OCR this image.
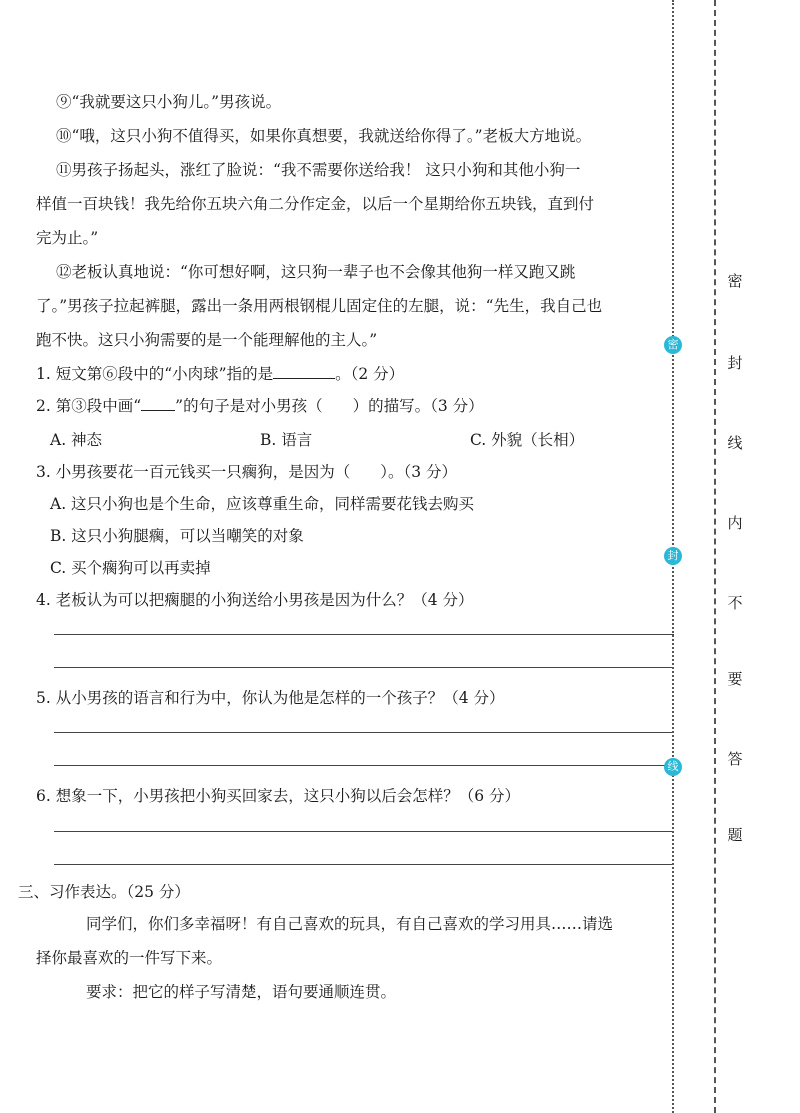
⑨“我就要这只小狗儿。”男孩说。
⑩“哦，这只小狗不值得买，如果你真想要，我就送给你得了。”老板大方地说。
⑪男孩子扬起头，涨红了脸说：“我不需要你送给我！ 这只小狗和其他小狗一
样值一百块钱！我先给你五块六角二分作定金，以后一个星期给你五块钱，直到付
完为止。”
⑫老板认真地说：“你可想好啊，这只狗一辈子也不会像其他狗一样又跑又跳
了。”男孩子拉起裤腿，露出一条用两根钢棍儿固定住的左腿，说：“先生，我自己也
跑不快。这只小狗需要的是一个能理解他的主人。”
1. 短文第⑥段中的“小肉球”指的是	。（2 分）
2. 第③段中画“ ”的句子是对小男孩（ ）的描写。（3 分）
A. 神态	B. 语言	C. 外貌（长相）
3. 小男孩要花一百元钱买一只瘸狗，是因为（ ）。（3 分）
A. 这只小狗也是个生命，应该尊重生命，同样需要花钱去购买
B. 这只小狗腿瘸，可以当嘲笑的对象
C. 买个瘸狗可以再卖掉
4. 老板认为可以把瘸腿的小狗送给小男孩是因为什么？（4 分）
5. 从小男孩的语言和行为中，你认为他是怎样的一个孩子？（4 分）
6. 想象一下，小男孩把小狗买回家去，这只小狗以后会怎样？（6 分）
三、习作表达。（25 分）
同学们，你们多幸福呀！有自己喜欢的玩具，有自己喜欢的学习用具……请选
择你最喜欢的一件写下来。
要求：把它的样子写清楚，语句要通顺连贯。
密
封
线
密
封
线
内
不
要
答
题
